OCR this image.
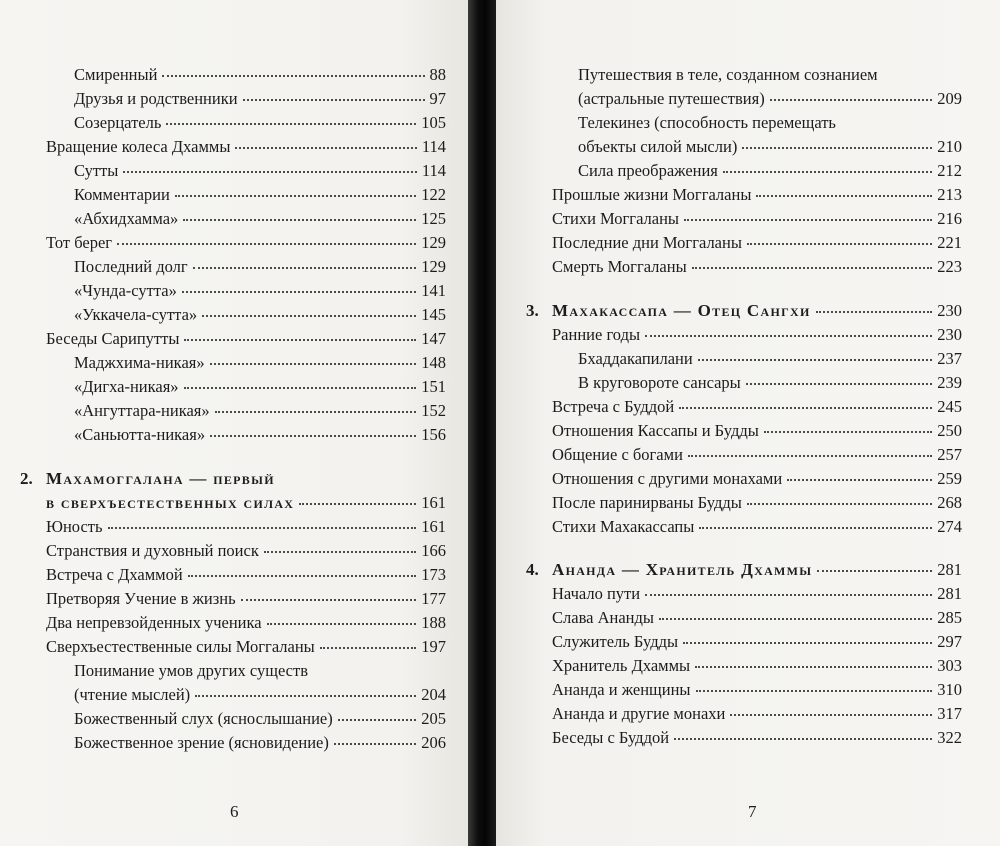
Смиренный	88
Друзья и родственники	97
Созерцатель	105
Вращение колеса Дхаммы	114
Сутты	114
Комментарии	122
«Абхидхамма»	125
Тот берег	129
Последний долг	129
«Чунда-сутта»	141
«Уккачела-сутта»	145
Беседы Сарипутты	147
Маджхима-никая»	148
«Дигха-никая»	151
«Ангуттара-никая»	152
«Саньютта-никая»	156
2. Махамоггалана — первый
в сверхъестественных силах	161
Юность	161
Странствия и духовный поиск	166
Встреча с Дхаммой	173
Претворяя Учение в жизнь	177
Два непревзойденных ученика	188
Сверхъестественные силы Моггаланы	197
Понимание умов других существ
(чтение мыслей)	204
Божественный слух (яснослышание)	205
Божественное зрение (ясновидение)	206
6
Путешествия в теле, созданном сознанием
(астральные путешествия)	209
Телекинез (способность перемещать
объекты силой мысли)	210
Сила преображения	212
Прошлые жизни Моггаланы	213
Стихи Моггаланы	216
Последние дни Моггаланы	221
Смерть Моггаланы	223
3. Махакассапа — Отец Сангхи	230
Ранние годы	230
Бхаддакапилани	237
В круговороте сансары	239
Встреча с Буддой	245
Отношения Кассапы и Будды	250
Общение с богами	257
Отношения с другими монахами	259
После паринирваны Будды	268
Стихи Махакассапы	274
4. Ананда — Хранитель Дхаммы	281
Начало пути	281
Слава Ананды	285
Служитель Будды	297
Хранитель Дхаммы	303
Ананда и женщины	310
Ананда и другие монахи	317
Беседы с Буддой	322
7
